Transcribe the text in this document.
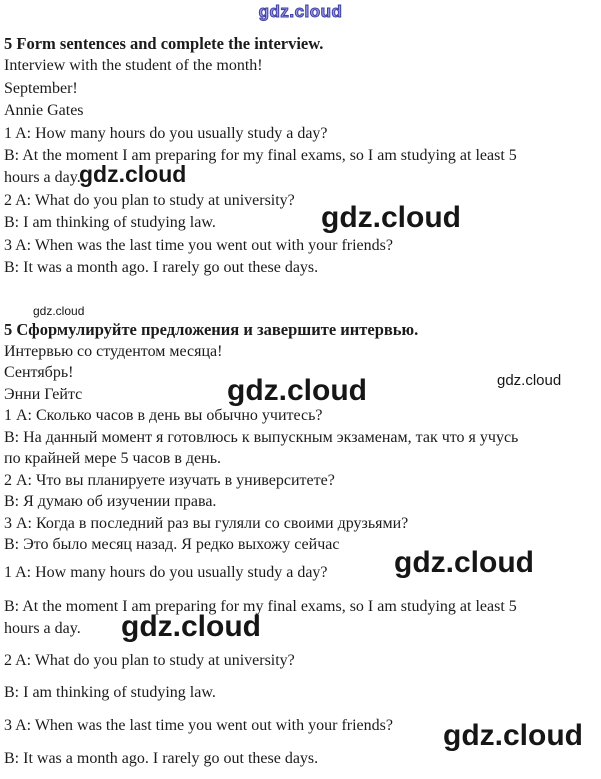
gdz.cloud
5 Form sentences and complete the interview.
Interview with the student of the month!
September!
Annie Gates
1 A: How many hours do you usually study a day?
B: At the moment I am preparing for my final exams, so I am studying at least 5
hours a day.
2 A: What do you plan to study at university?
B: I am thinking of studying law.
3 A: When was the last time you went out with your friends?
B: It was a month ago. I rarely go out these days.
5 Сформулируйте предложения и завершите интервью.
Интервью со студентом месяца!
Сентябрь!
Энни Гейтс
1 А: Сколько часов в день вы обычно учитесь?
В: На данный момент я готовлюсь к выпускным экзаменам, так что я учусь
по крайней мере 5 часов в день.
2 А: Что вы планируете изучать в университете?
В: Я думаю об изучении права.
3 А: Когда в последний раз вы гуляли со своими друзьями?
В: Это было месяц назад. Я редко выхожу сейчас
1 A: How many hours do you usually study a day?
B: At the moment I am preparing for my final exams, so I am studying at least 5
hours a day.
2 A: What do you plan to study at university?
B: I am thinking of studying law.
3 A: When was the last time you went out with your friends?
B: It was a month ago. I rarely go out these days.
gdz.cloud
gdz.cloud
gdz.cloud
gdz.cloud	gdz.cloud
gdz.cloud
gdz.cloud
gdz.cloud
